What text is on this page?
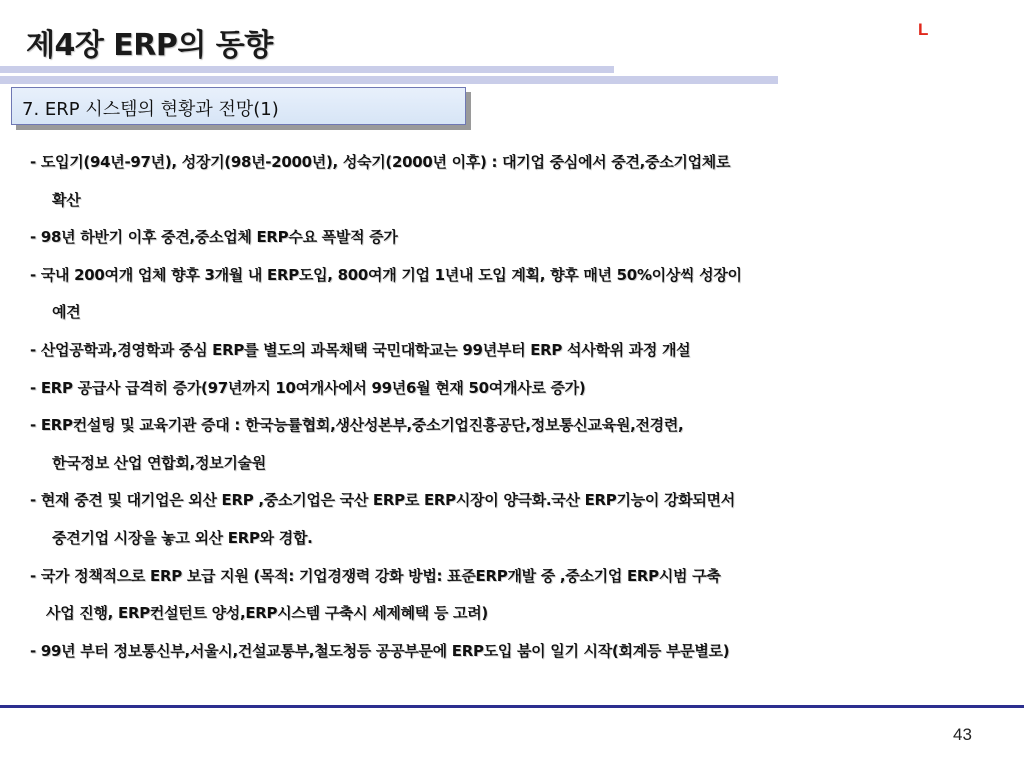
제4장 ERP의 동향	L
7. ERP 시스템의 현황과 전망(1)
- 도입기(94년-97년), 성장기(98년-2000년), 성숙기(2000년 이후) : 대기업 중심에서 중견,중소기업체로
확산
- 98년 하반기 이후 중견,중소업체 ERP수요 폭발적 증가
- 국내 200여개 업체 향후 3개월 내 ERP도입, 800여개 기업 1년내 도입 계획, 향후 매년 50%이상씩 성장이
예견
- 산업공학과,경영학과 중심 ERP를 별도의 과목채택 국민대학교는 99년부터 ERP 석사학위 과정 개설
- ERP 공급사 급격히 증가(97년까지 10여개사에서 99년6월 현재 50여개사로 증가)
- ERP컨설팅 및 교육기관 증대 : 한국능률협회,생산성본부,중소기업진흥공단,정보통신교육원,전경련,
한국정보 산업 연합회,정보기술원
- 현재 중견 및 대기업은 외산 ERP ,중소기업은 국산 ERP로 ERP시장이 양극화.국산 ERP기능이 강화되면서
중견기업 시장을 놓고 외산 ERP와 경합.
- 국가 정책적으로 ERP 보급 지원 (목적: 기업경쟁력 강화 방법: 표준ERP개발 중 ,중소기업 ERP시범 구축
사업 진행, ERP컨설턴트 양성,ERP시스템 구축시 세제혜택 등 고려)
- 99년 부터 정보통신부,서울시,건설교통부,철도청등 공공부문에 ERP도입 붐이 일기 시작(회계등 부문별로)
43
